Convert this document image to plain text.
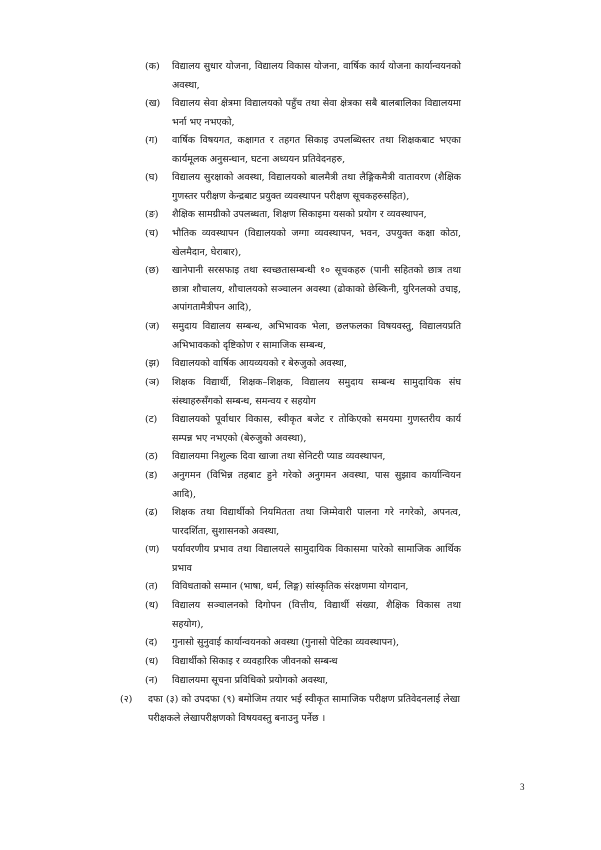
(क)	विद्यालय सुधार योजना, विद्यालय विकास योजना, वार्षिक कार्य योजना कार्यान्वयनको अवस्था,
(ख)	विद्यालय सेवा क्षेत्रमा विद्यालयको पहुँच तथा सेवा क्षेत्रका सबै बालबालिका विद्यालयमा भर्ना भए नभएको,
(ग)	वार्षिक विषयगत, कक्षागत र तहगत सिकाइ उपलब्धिस्तर तथा शिक्षकबाट भएका कार्यमूलक अनुसन्धान, घटना अध्ययन प्रतिवेदनहरु,
(घ)	विद्यालय सुरक्षाको अवस्था, विद्यालयको बालमैत्री तथा लैङ्गिकमैत्री वातावरण (शैक्षिक गुणस्तर परीक्षण केन्द्रबाट प्रयुक्त व्यवस्थापन परीक्षण सूचकहरुसहित),
(ङ)	शैक्षिक सामग्रीको उपलब्धता, शिक्षण सिकाइमा यसको प्रयोग र व्यवस्थापन,
(च)	भौतिक व्यवस्थापन (विद्यालयको जग्गा व्यवस्थापन, भवन, उपयुक्त कक्षा कोठा, खेलमैदान, घेराबार),
(छ)	खानेपानी सरसफाइ तथा स्वच्छतासम्बन्धी १० सूचकहरु (पानी सहितको छात्र तथा छात्रा शौचालय, शौचालयको सञ्चालन अवस्था (ढोकाको छेस्किनी, युरिनलको उचाइ, अपांगतामैत्रीपन आदि),
(ज)	समुदाय विद्यालय सम्बन्ध, अभिभावक भेला, छलफलका विषयवस्तु, विद्यालयप्रति अभिभावकको दृष्टिकोण र सामाजिक सम्बन्ध,
(झ)	विद्यालयको वार्षिक आयव्ययको र बेरुजुको अवस्था,
(ञ)	शिक्षक विद्यार्थी, शिक्षक–शिक्षक, विद्यालय समुदाय सम्बन्ध सामुदायिक संघ संस्थाहरुसँगको सम्बन्ध, समन्वय र सहयोग
(ट)	विद्यालयको पूर्वाधार विकास, स्वीकृत बजेट र तोकिएको समयमा गुणस्तरीय कार्य सम्पन्न भए नभएको (बेरुजुको अवस्था),
(ठ)	विद्यालयमा निशुल्क दिवा खाजा तथा सेनिटरी प्याड व्यवस्थापन,
(ड)	अनुगमन (विभिन्न तहबाट हुने गरेको अनुगमन अवस्था, पास सुझाव कार्यान्वियन आदि),
(ढ)	शिक्षक तथा विद्यार्थीको नियमितता तथा जिम्मेवारी पालना गरे नगरेको, अपनत्व, पारदर्शिता, सुशासनको अवस्था,
(ण)	पर्यावरणीय प्रभाव तथा विद्यालयले सामुदायिक विकासमा पारेको सामाजिक आर्थिक प्रभाव
(त)	विविधताको सम्मान (भाषा, धर्म, लिङ्ग) सांस्कृतिक संरक्षणमा योगदान,
(थ)	विद्यालय सञ्चालनको दिगोपन (वित्तीय, विद्यार्थी संख्या, शैक्षिक विकास तथा सहयोग),
(द)	गुनासो सुनुवाई कार्यान्वयनको अवस्था (गुनासो पेटिका व्यवस्थापन),
(ध)	विद्यार्थीको सिकाइ र व्यवहारिक जीवनको सम्बन्ध
(न)	विद्यालयमा सूचना प्रविधिको प्रयोगको अवस्था,
(२)	दफा (३) को उपदफा (९) बमोजिम तयार भई स्वीकृत सामाजिक परीक्षण प्रतिवेदनलाई लेखा परीक्षकले लेखापरीक्षणको विषयवस्तु बनाउनु पर्नेछ ।
3
